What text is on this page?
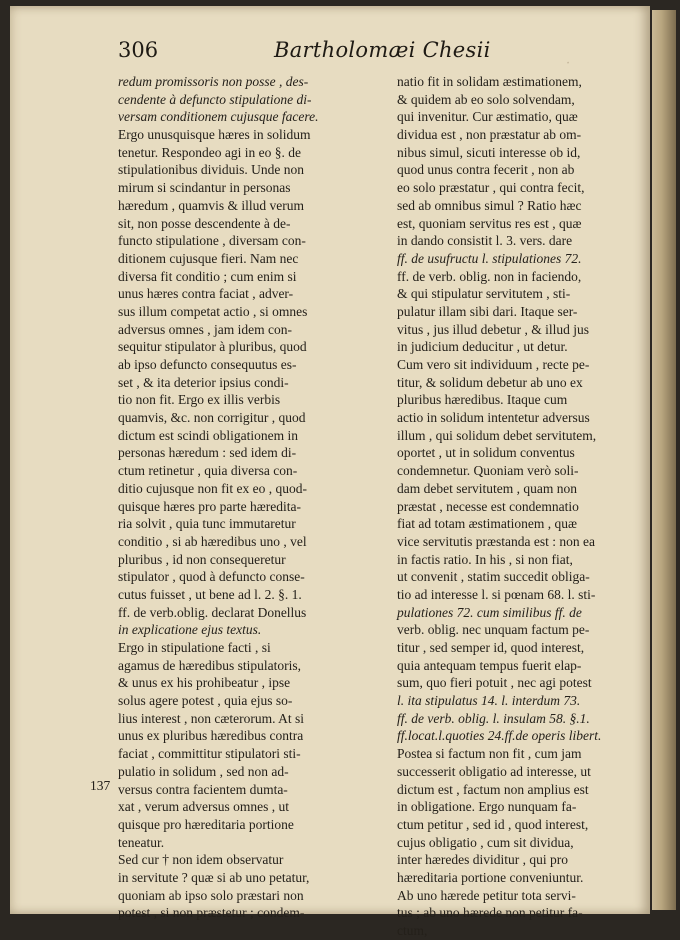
·
306	Bartholomæi Chesii
redum promissoris non posse , des-
cendente à defuncto stipulatione di-
versam conditionem cujusque facere.
Ergo unusquisque hæres in solidum
tenetur. Respondeo agi in eo §. de
stipulationibus dividuis. Unde non
mirum si scindantur in personas
hæredum , quamvis & illud verum
sit, non posse descendente à de-
functo stipulatione , diversam con-
ditionem cujusque fieri. Nam nec
diversa fit conditio ; cum enim si
unus hæres contra faciat , adver-
sus illum competat actio , si omnes
adversus omnes , jam idem con-
sequitur stipulator à pluribus, quod
ab ipso defuncto consequutus es-
set , & ita deterior ipsius condi-
tio non fit. Ergo ex illis verbis
quamvis, &c. non corrigitur , quod
dictum est scindi obligationem in
personas hæredum : sed idem di-
ctum retinetur , quia diversa con-
ditio cujusque non fit ex eo , quod-
quisque hæres pro parte hæredita-
ria solvit , quia tunc immutaretur
conditio , si ab hæredibus uno , vel
pluribus , id non consequeretur
stipulator , quod à defuncto conse-
cutus fuisset , ut bene ad l. 2. §. 1.
ff. de verb.oblig. declarat Donellus
in explicatione ejus textus.
Ergo in stipulatione facti , si
agamus de hæredibus stipulatoris,
& unus ex his prohibeatur , ipse
solus agere potest , quia ejus so-
lius interest , non cæterorum. At si
unus ex pluribus hæredibus contra
faciat , committitur stipulatori sti-
pulatio in solidum , sed non ad-
versus contra facientem dumta-
xat , verum adversus omnes , ut
quisque pro hæreditaria portione
teneatur.
Sed cur † non idem observatur
in servitute ? quæ si ab uno petatur,
quoniam ab ipso solo præstari non
potest , si non præstetur ; condem-
natio fit in solidam æstimationem,
& quidem ab eo solo solvendam,
qui invenitur. Cur æstimatio, quæ
dividua est , non præstatur ab om-
nibus simul, sicuti interesse ob id,
quod unus contra fecerit , non ab
eo solo præstatur , qui contra fecit,
sed ab omnibus simul ? Ratio hæc
est, quoniam servitus res est , quæ
in dando consistit l. 3. vers. dare
ff. de usufructu l. stipulationes 72.
ff. de verb. oblig. non in faciendo,
& qui stipulatur servitutem , sti-
pulatur illam sibi dari. Itaque ser-
vitus , jus illud debetur , & illud jus
in judicium deducitur , ut detur.
Cum vero sit individuum , recte pe-
titur, & solidum debetur ab uno ex
pluribus hæredibus. Itaque cum
actio in solidum intentetur adversus
illum , qui solidum debet servitutem,
oportet , ut in solidum conventus
condemnetur. Quoniam verò soli-
dam debet servitutem , quam non
præstat , necesse est condemnatio
fiat ad totam æstimationem , quæ
vice servitutis præstanda est : non ea
in factis ratio. In his , si non fiat,
ut convenit , statim succedit obliga-
tio ad interesse l. si pœnam 68. l. sti-
pulationes 72. cum similibus ff. de
verb. oblig. nec unquam factum pe-
titur , sed semper id, quod interest,
quia antequam tempus fuerit elap-
sum, quo fieri potuit , nec agi potest
l. ita stipulatus 14. l. interdum 73.
ff. de verb. oblig. l. insulam 58. §.1.
ff.locat.l.quoties 24.ff.de operis libert.
Postea si factum non fit , cum jam
successerit obligatio ad interesse, ut
dictum est , factum non amplius est
in obligatione. Ergo nunquam fa-
ctum petitur , sed id , quod interest,
cujus obligatio , cum sit dividua,
inter hæredes dividitur , qui pro
hæreditaria portione conveniuntur.
Ab uno hærede petitur tota servi-
tus ; ab uno hærede non petitur fa-
ctum,
137
